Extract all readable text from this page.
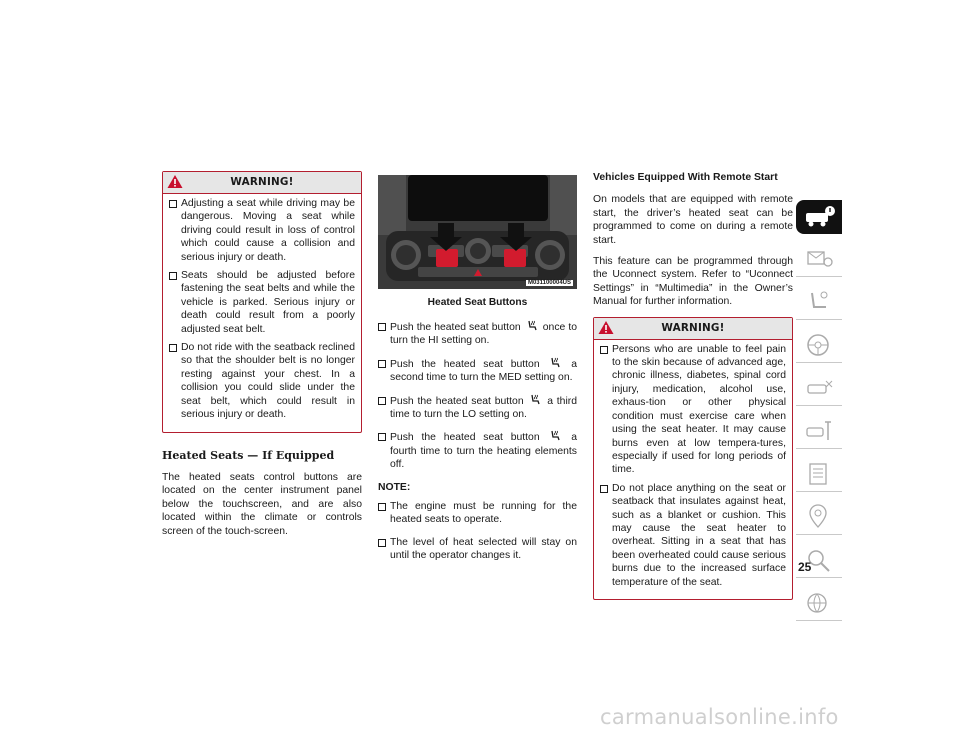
WARNING!
Adjusting a seat while driving may be dangerous. Moving a seat while driving could result in loss of control which could cause a collision and serious injury or death.
Seats should be adjusted before fastening the seat belts and while the vehicle is parked. Serious injury or death could result from a poorly adjusted seat belt.
Do not ride with the seatback reclined so that the shoulder belt is no longer resting against your chest. In a collision you could slide under the seat belt, which could result in serious injury or death.
Heated Seats — If Equipped

The heated seats control buttons are located on the center instrument panel below the touchscreen, and are also located within the climate or controls screen of the touch-screen.

M031100004US
Heated Seat Buttons
Push the heated seat button once to turn the HI setting on.
Push the heated seat button	a second time to turn the MED setting on.
Push the heated seat button a third time to turn the LO setting on.
Push the heated seat button	a fourth time to turn the heating elements off.
NOTE:
The engine must be running for the heated seats to operate.
The level of heat selected will stay on until the operator changes it.
Vehicles Equipped With Remote Start

On models that are equipped with remote start, the driver’s heated seat can be programmed to come on during a remote start.

This feature can be programmed through the Uconnect system. Refer to “Uconnect Settings” in “Multimedia” in the Owner’s Manual for further information.

WARNING!
Persons who are unable to feel pain to the skin because of advanced age, chronic illness, diabetes, spinal cord injury, medication, alcohol use, exhaus-tion or other physical condition must exercise care when using the seat heater. It may cause burns even at low tempera-tures, especially if used for long periods of time.
Do not place anything on the seat or seatback that insulates against heat, such as a blanket or cushion. This may cause the seat heater to overheat. Sitting in a seat that has been overheated could cause serious burns due to the increased surface temperature of the seat.
25
carmanualsonline.info
